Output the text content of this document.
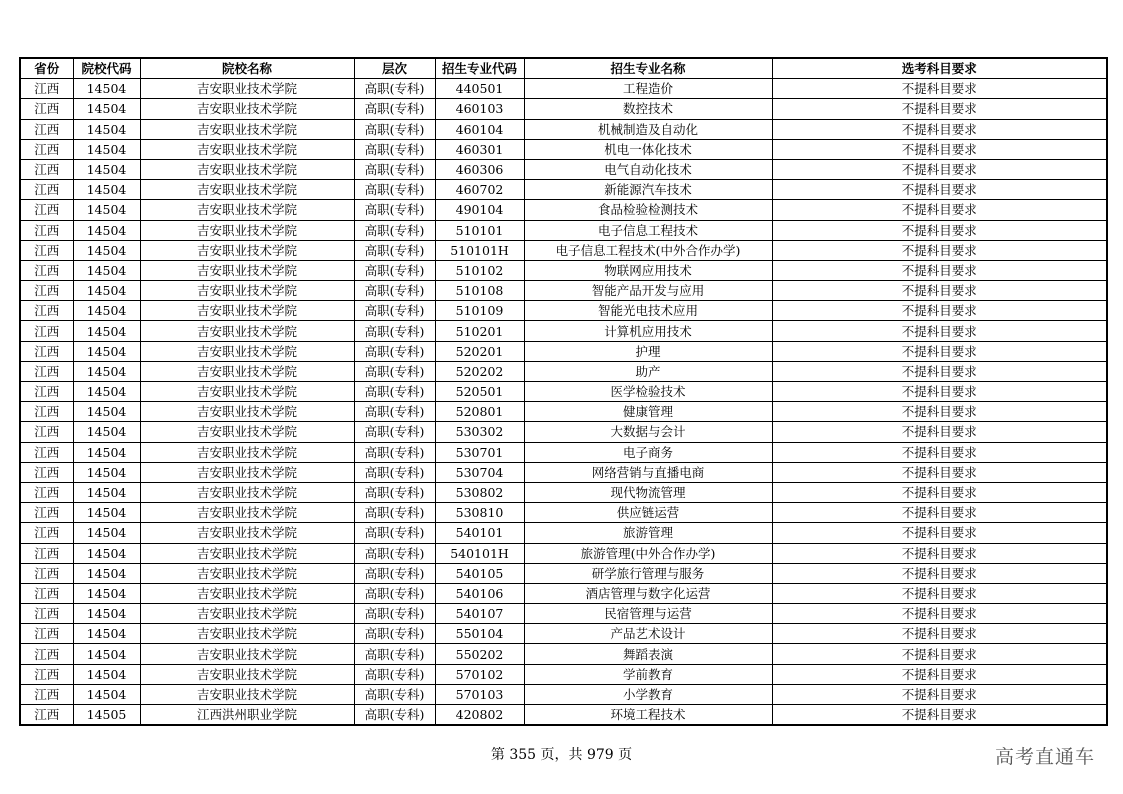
省份	院校代码	院校名称	层次	招生专业代码	招生专业名称	选考科目要求
江西	14504	吉安职业技术学院	高职(专科)	440501	工程造价	不提科目要求
江西	14504	吉安职业技术学院	高职(专科)	460103	数控技术	不提科目要求
江西	14504	吉安职业技术学院	高职(专科)	460104	机械制造及自动化	不提科目要求
江西	14504	吉安职业技术学院	高职(专科)	460301	机电一体化技术	不提科目要求
江西	14504	吉安职业技术学院	高职(专科)	460306	电气自动化技术	不提科目要求
江西	14504	吉安职业技术学院	高职(专科)	460702	新能源汽车技术	不提科目要求
江西	14504	吉安职业技术学院	高职(专科)	490104	食品检验检测技术	不提科目要求
江西	14504	吉安职业技术学院	高职(专科)	510101	电子信息工程技术	不提科目要求
江西	14504	吉安职业技术学院	高职(专科)	510101H	电子信息工程技术(中外合作办学)	不提科目要求
江西	14504	吉安职业技术学院	高职(专科)	510102	物联网应用技术	不提科目要求
江西	14504	吉安职业技术学院	高职(专科)	510108	智能产品开发与应用	不提科目要求
江西	14504	吉安职业技术学院	高职(专科)	510109	智能光电技术应用	不提科目要求
江西	14504	吉安职业技术学院	高职(专科)	510201	计算机应用技术	不提科目要求
江西	14504	吉安职业技术学院	高职(专科)	520201	护理	不提科目要求
江西	14504	吉安职业技术学院	高职(专科)	520202	助产	不提科目要求
江西	14504	吉安职业技术学院	高职(专科)	520501	医学检验技术	不提科目要求
江西	14504	吉安职业技术学院	高职(专科)	520801	健康管理	不提科目要求
江西	14504	吉安职业技术学院	高职(专科)	530302	大数据与会计	不提科目要求
江西	14504	吉安职业技术学院	高职(专科)	530701	电子商务	不提科目要求
江西	14504	吉安职业技术学院	高职(专科)	530704	网络营销与直播电商	不提科目要求
江西	14504	吉安职业技术学院	高职(专科)	530802	现代物流管理	不提科目要求
江西	14504	吉安职业技术学院	高职(专科)	530810	供应链运营	不提科目要求
江西	14504	吉安职业技术学院	高职(专科)	540101	旅游管理	不提科目要求
江西	14504	吉安职业技术学院	高职(专科)	540101H	旅游管理(中外合作办学)	不提科目要求
江西	14504	吉安职业技术学院	高职(专科)	540105	研学旅行管理与服务	不提科目要求
江西	14504	吉安职业技术学院	高职(专科)	540106	酒店管理与数字化运营	不提科目要求
江西	14504	吉安职业技术学院	高职(专科)	540107	民宿管理与运营	不提科目要求
江西	14504	吉安职业技术学院	高职(专科)	550104	产品艺术设计	不提科目要求
江西	14504	吉安职业技术学院	高职(专科)	550202	舞蹈表演	不提科目要求
江西	14504	吉安职业技术学院	高职(专科)	570102	学前教育	不提科目要求
江西	14504	吉安职业技术学院	高职(专科)	570103	小学教育	不提科目要求
江西	14505	江西洪州职业学院	高职(专科)	420802	环境工程技术	不提科目要求
第 355 页，共 979 页	高考直通车
